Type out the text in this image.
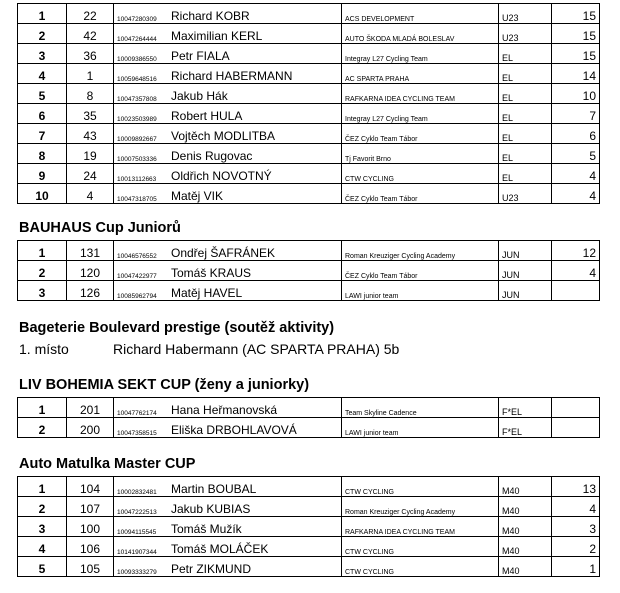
1	22	10047280309	Richard KOBR	ACS DEVELOPMENT	U23	15
2	42	10047264444	Maximilian KERL	AUTO ŠKODA MLADÁ BOLESLAV	U23	15
3	36	10009386550	Petr FIALA	Integray L27 Cycling Team	EL	15
4	1	10059648516	Richard HABERMANN	AC SPARTA PRAHA	EL	14
5	8	10047357808	Jakub Hák	RAFKARNA IDEA CYCLING TEAM	EL	10
6	35	10023503989	Robert HULA	Integray L27 Cycling Team	EL	7
7	43	10009892667	Vojtěch MODLITBA	ČEZ Cyklo Team Tábor	EL	6
8	19	10007503336	Denis Rugovac	Tj Favorit Brno	EL	5
9	24	10013112663	Oldřich NOVOTNÝ	CTW CYCLING	EL	4
10	4	10047318705	Matěj VIK	ČEZ Cyklo Team Tábor	U23	4
BAUHAUS Cup Juniorů
1	131	10046576552	Ondřej ŠAFRÁNEK	Roman Kreuziger Cycling Academy	JUN	12
2	120	10047422977	Tomáš KRAUS	ČEZ Cyklo Team Tábor	JUN	4
3	126	10085962794	Matěj HAVEL	LAWI junior team	JUN	
Bageterie Boulevard prestige (soutěž aktivity)
1. místo	Richard Habermann (AC SPARTA PRAHA) 5b
LIV BOHEMIA SEKT CUP (ženy a juniorky)
1	201	10047762174	Hana Heřmanovská	Team Skyline Cadence	F*EL	
2	200	10047358515	Eliška DRBOHLAVOVÁ	LAWI junior team	F*EL	
Auto Matulka Master CUP
1	104	10002832481	Martin BOUBAL	CTW CYCLING	M40	13
2	107	10047222513	Jakub KUBIAS	Roman Kreuziger Cycling Academy	M40	4
3	100	10094115545	Tomáš Mužík	RAFKARNA IDEA CYCLING TEAM	M40	3
4	106	10141907344	Tomáš MOLÁČEK	CTW CYCLING	M40	2
5	105	10093333279	Petr ZIKMUND	CTW CYCLING	M40	1
